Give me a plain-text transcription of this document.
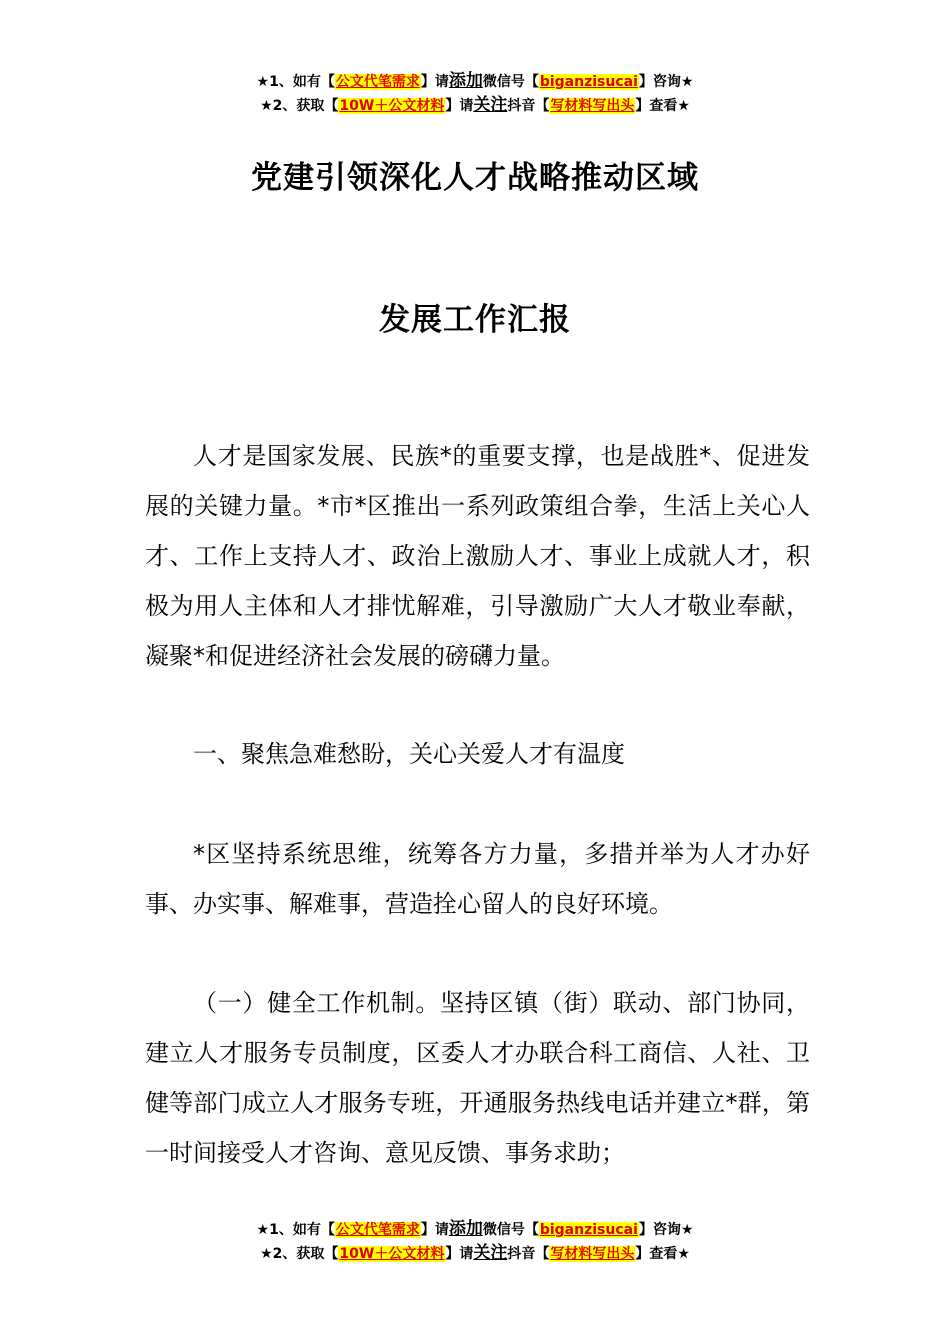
★1、如有【公文代笔需求】请添加微信号【biganzisucai】咨询★
★2、获取【10W＋公文材料】请关注抖音【写材料写出头】查看★
党建引领深化人才战略推动区域
发展工作汇报

人才是国家发展、民族*的重要支撑，也是战胜*、促进发展的关键力量。*市*区推出一系列政策组合拳，生活上关心人才、工作上支持人才、政治上激励人才、事业上成就人才，积极为用人主体和人才排忧解难，引导激励广大人才敬业奉献，凝聚*和促进经济社会发展的磅礴力量。

一、聚焦急难愁盼，关心关爱人才有温度

*区坚持系统思维，统筹各方力量，多措并举为人才办好事、办实事、解难事，营造拴心留人的良好环境。

（一）健全工作机制。坚持区镇（街）联动、部门协同，建立人才服务专员制度，区委人才办联合科工商信、人社、卫健等部门成立人才服务专班，开通服务热线电话并建立*群，第一时间接受人才咨询、意见反馈、事务求助；

★1、如有【公文代笔需求】请添加微信号【biganzisucai】咨询★
★2、获取【10W＋公文材料】请关注抖音【写材料写出头】查看★
